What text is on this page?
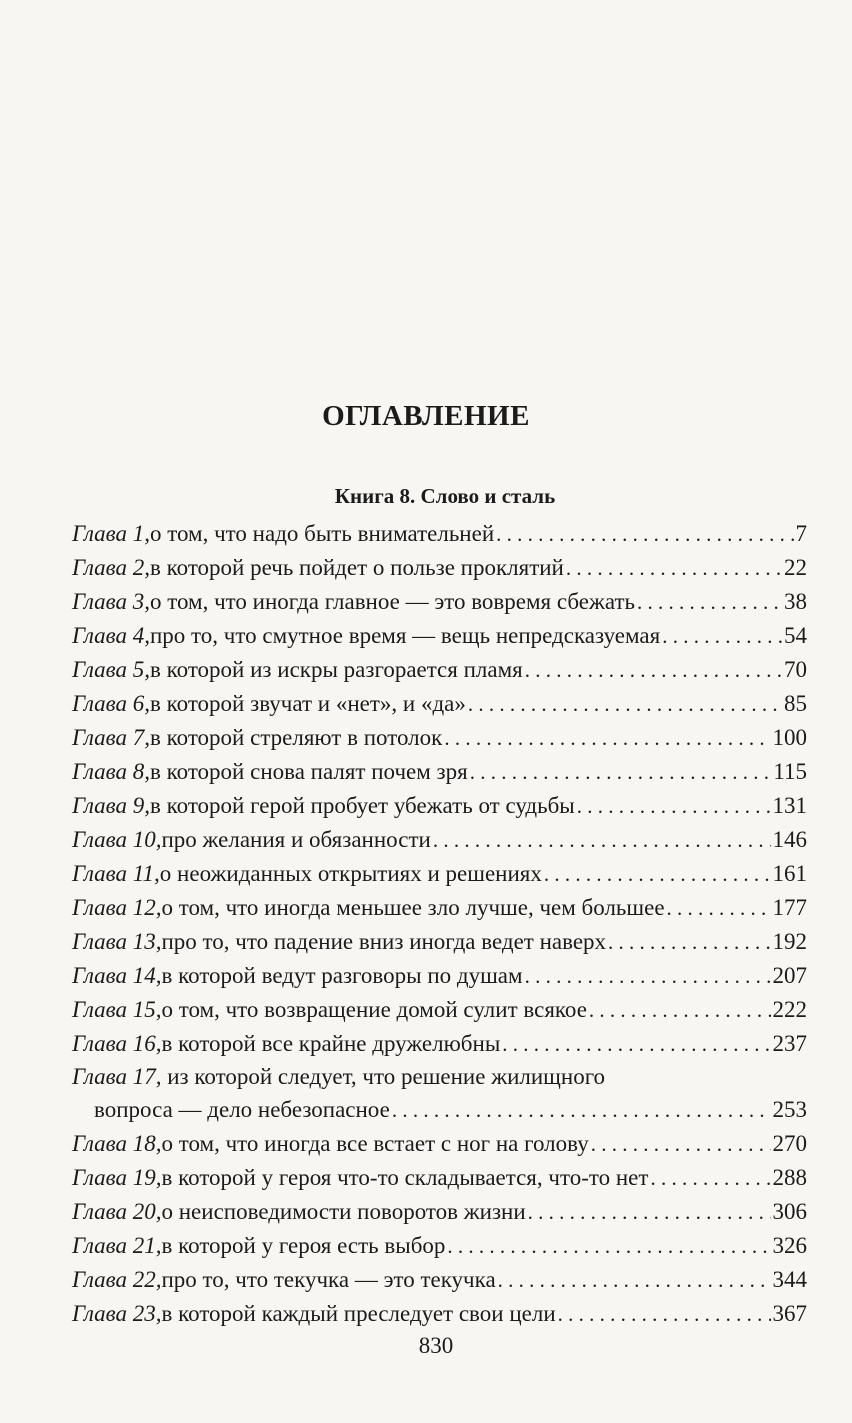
ОГЛАВЛЕНИЕ
Книга 8. Слово и сталь
Глава 1, о том, что надо быть внимательней . . .	7
Глава 2, в которой речь пойдет о пользе проклятий . . .	22
Глава 3, о том, что иногда главное — это вовремя сбежать . . .	38
Глава 4, про то, что смутное время — вещь непредсказуемая . . .	54
Глава 5, в которой из искры разгорается пламя . . .	70
Глава 6, в которой звучат и «нет», и «да» . . .	85
Глава 7, в которой стреляют в потолок . . .	100
Глава 8, в которой снова палят почем зря . . .	115
Глава 9, в которой герой пробует убежать от судьбы . . .	131
Глава 10, про желания и обязанности . . .	146
Глава 11, о неожиданных открытиях и решениях . . .	161
Глава 12, о том, что иногда меньшее зло лучше, чем большее . . .	177
Глава 13, про то, что падение вниз иногда ведет наверх . . .	192
Глава 14, в которой ведут разговоры по душам . . .	207
Глава 15, о том, что возвращение домой сулит всякое . . .	222
Глава 16, в которой все крайне дружелюбны . . .	237
Глава 17, из которой следует, что решение жилищного
вопроса — дело небезопасное . . .	253
Глава 18, о том, что иногда все встает с ног на голову . . .	270
Глава 19, в которой у героя что-то складывается, что-то нет . . .	288
Глава 20, о неисповедимости поворотов жизни . . .	306
Глава 21, в которой у героя есть выбор . . .	326
Глава 22, про то, что текучка — это текучка . . .	344
Глава 23, в которой каждый преследует свои цели . . .	367
830
